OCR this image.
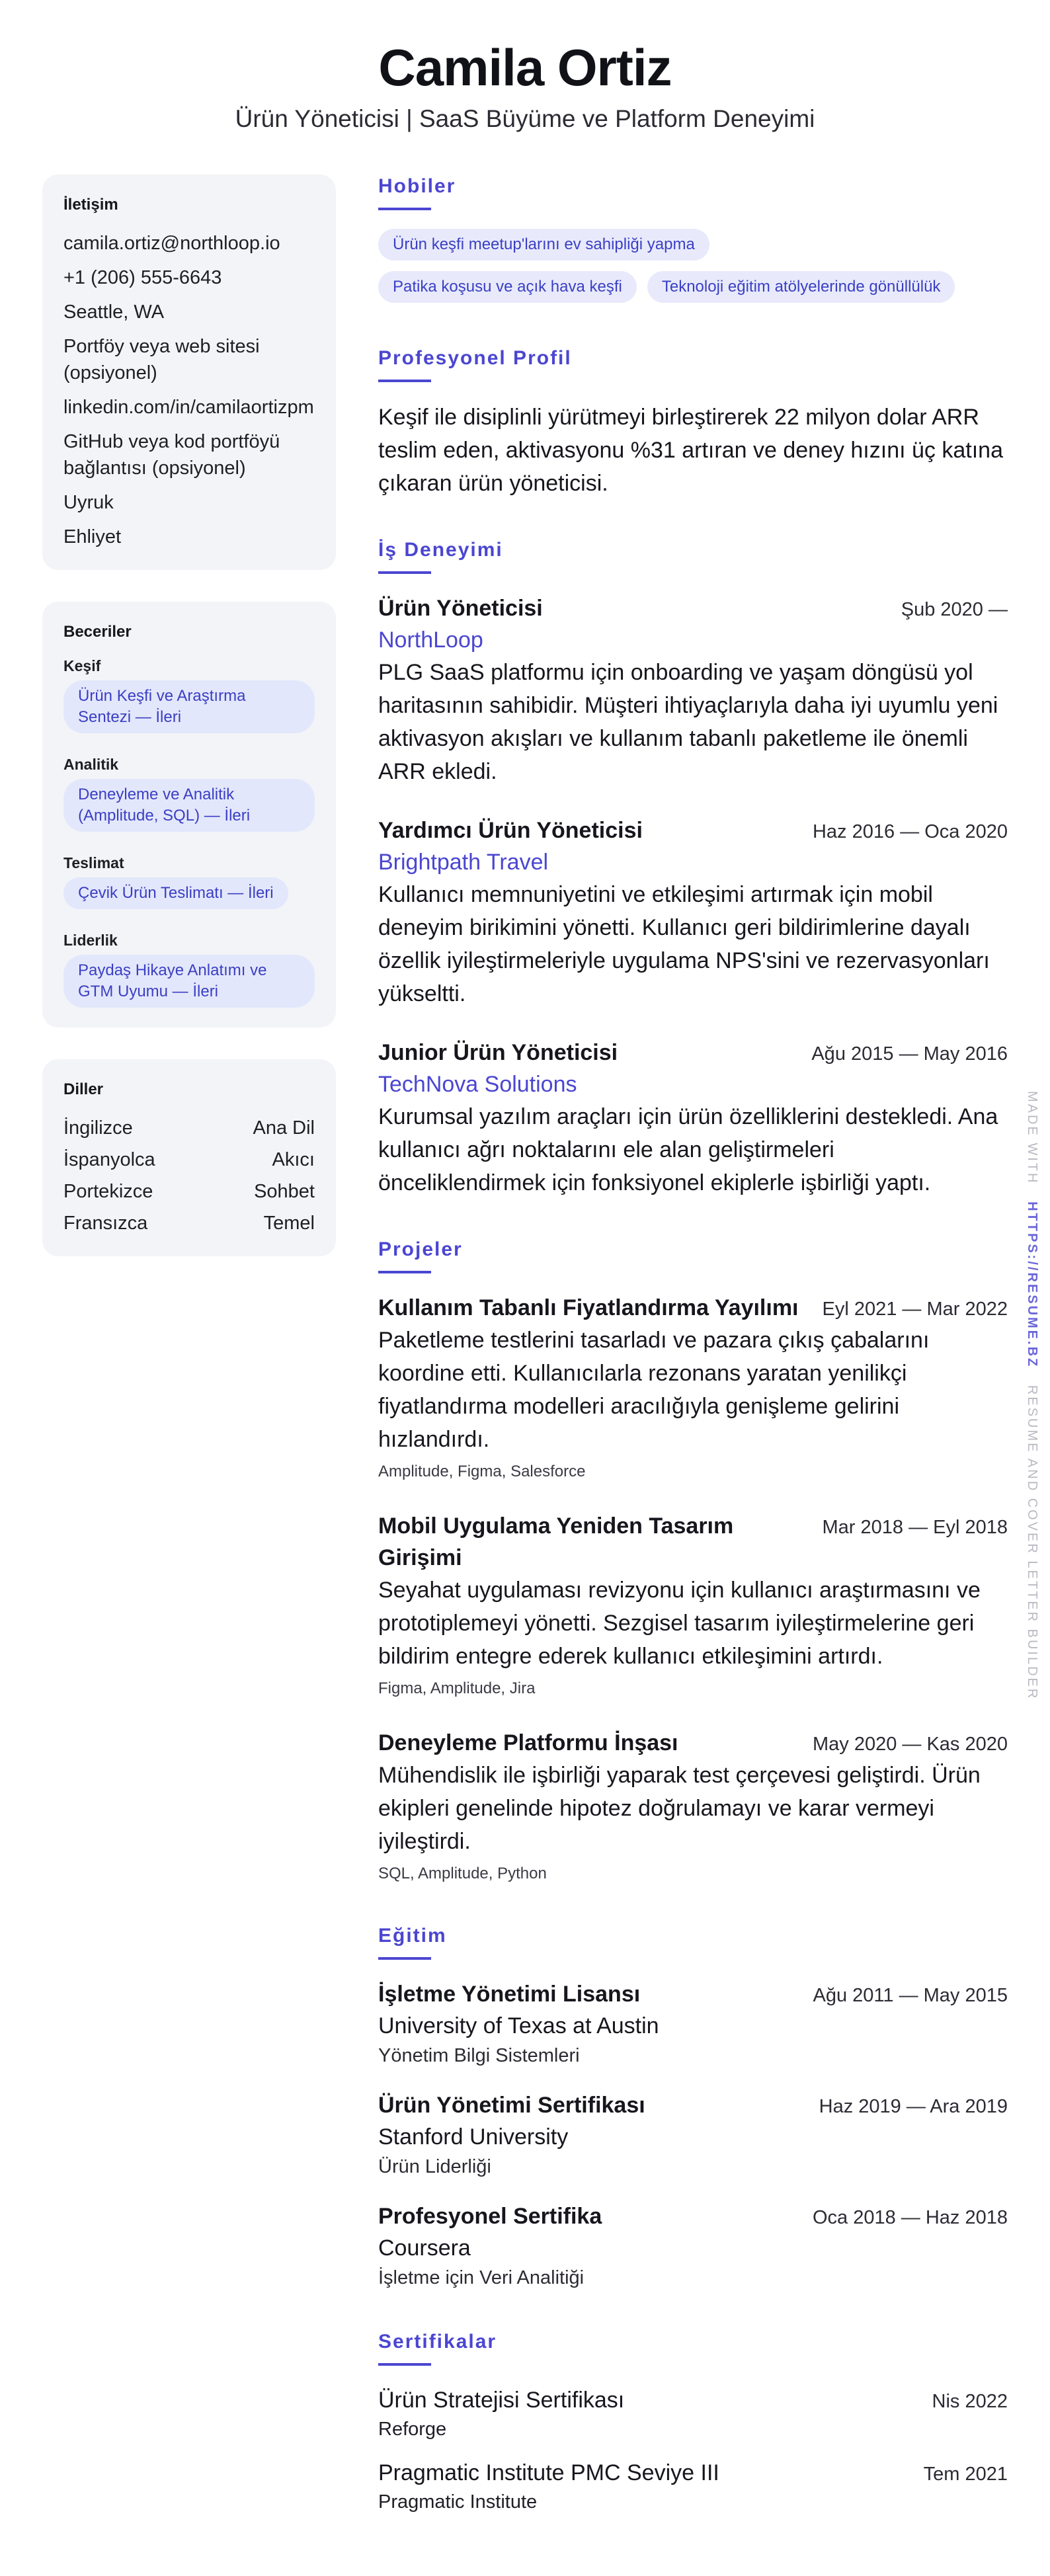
Camila Ortiz
Ürün Yöneticisi | SaaS Büyüme ve Platform Deneyimi
İletişim
camila.ortiz@northloop.io
+1 (206) 555-6643
Seattle, WA
Portföy veya web sitesi (opsiyonel)
linkedin.com/in/camilaortizpm
GitHub veya kod portföyü bağlantısı (opsiyonel)
Uyruk
Ehliyet
Beceriler
Keşif
Ürün Keşfi ve Araştırma Sentezi — İleri
Analitik
Deneyleme ve Analitik (Amplitude, SQL) — İleri
Teslimat
Çevik Ürün Teslimatı — İleri
Liderlik
Paydaş Hikaye Anlatımı ve GTM Uyumu — İleri
Diller
İngilizce	Ana Dil
İspanyolca	Akıcı
Portekizce	Sohbet
Fransızca	Temel
Hobiler
Ürün keşfi meetup'larını ev sahipliği yapma
Patika koşusu ve açık hava keşfi	Teknoloji eğitim atölyelerinde gönüllülük
Profesyonel Profil
Keşif ile disiplinli yürütmeyi birleştirerek 22 milyon dolar ARR teslim eden, aktivasyonu %31 artıran ve deney hızını üç katına çıkaran ürün yöneticisi.
İş Deneyimi
Ürün Yöneticisi	Şub 2020 —
NorthLoop
PLG SaaS platformu için onboarding ve yaşam döngüsü yol haritasının sahibidir. Müşteri ihtiyaçlarıyla daha iyi uyumlu yeni aktivasyon akışları ve kullanım tabanlı paketleme ile önemli ARR ekledi.
Yardımcı Ürün Yöneticisi	Haz 2016 — Oca 2020
Brightpath Travel
Kullanıcı memnuniyetini ve etkileşimi artırmak için mobil deneyim birikimini yönetti. Kullanıcı geri bildirimlerine dayalı özellik iyileştirmeleriyle uygulama NPS'sini ve rezervasyonları yükseltti.
Junior Ürün Yöneticisi	Ağu 2015 — May 2016
TechNova Solutions
Kurumsal yazılım araçları için ürün özelliklerini destekledi. Ana kullanıcı ağrı noktalarını ele alan geliştirmeleri önceliklendirmek için fonksiyonel ekiplerle işbirliği yaptı.
Projeler
Kullanım Tabanlı Fiyatlandırma Yayılımı Eyl 2021 — Mar 2022
Paketleme testlerini tasarladı ve pazara çıkış çabalarını koordine etti. Kullanıcılarla rezonans yaratan yenilikçi fiyatlandırma modelleri aracılığıyla genişleme gelirini hızlandırdı.
Amplitude, Figma, Salesforce
Mobil Uygulama Yeniden Tasarım Girişimi
Mar 2018 — Eyl 2018
Seyahat uygulaması revizyonu için kullanıcı araştırmasını ve prototiplemeyi yönetti. Sezgisel tasarım iyileştirmelerine geri bildirim entegre ederek kullanıcı etkileşimini artırdı.
Figma, Amplitude, Jira
Deneyleme Platformu İnşası	May 2020 — Kas 2020
Mühendislik ile işbirliği yaparak test çerçevesi geliştirdi. Ürün ekipleri genelinde hipotez doğrulamayı ve karar vermeyi iyileştirdi.
SQL, Amplitude, Python
Eğitim
İşletme Yönetimi Lisansı	Ağu 2011 — May 2015
University of Texas at Austin
Yönetim Bilgi Sistemleri
Ürün Yönetimi Sertifikası	Haz 2019 — Ara 2019
Stanford University
Ürün Liderliği
Profesyonel Sertifika	Oca 2018 — Haz 2018
Coursera
İşletme için Veri Analitiği
Sertifikalar
Ürün Stratejisi Sertifikası	Nis 2022
Reforge
Pragmatic Institute PMC Seviye III	Tem 2021
Pragmatic Institute
MADE WITH   HTTPS://RESUME.BZ   RESUME AND COVER LETTER BUILDER
